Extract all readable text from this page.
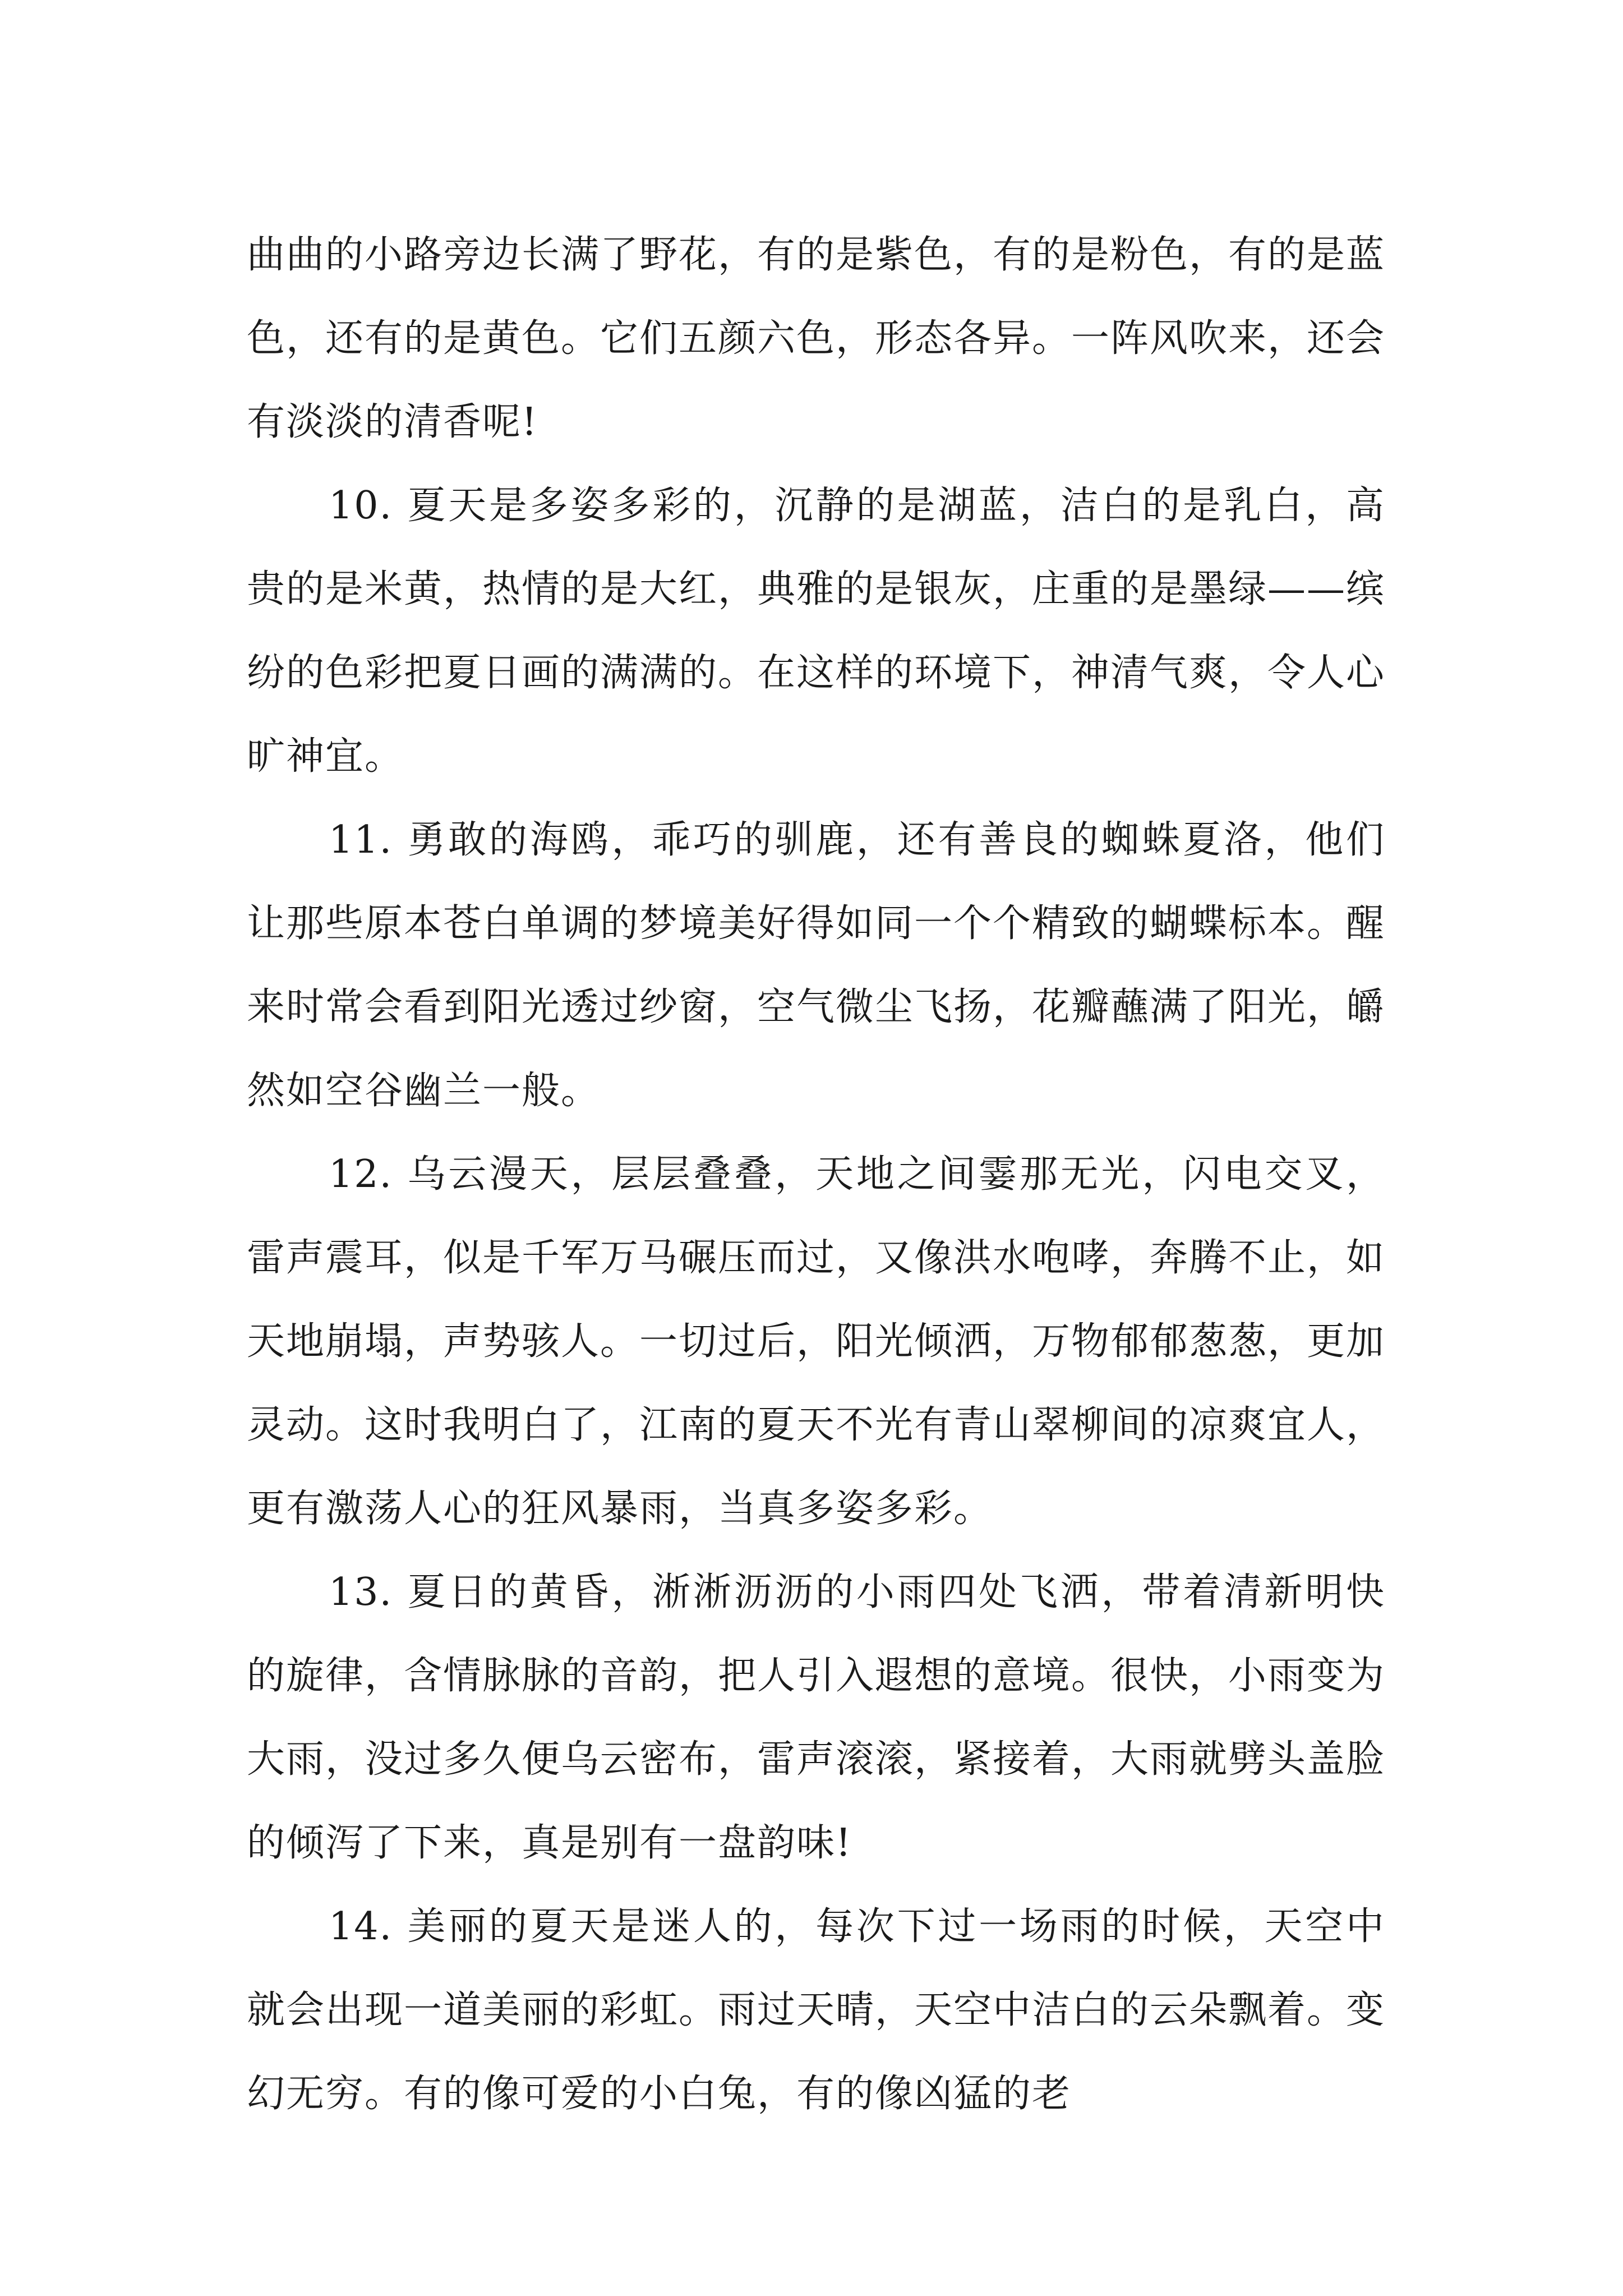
曲曲的小路旁边长满了野花，有的是紫色，有的是粉色，有的是蓝色，还有的是黄色。它们五颜六色，形态各异。一阵风吹来，还会有淡淡的清香呢!

10. 夏天是多姿多彩的，沉静的是湖蓝，洁白的是乳白，高贵的是米黄，热情的是大红，典雅的是银灰，庄重的是墨绿——缤纷的色彩把夏日画的满满的。在这样的环境下，神清气爽，令人心旷神宜。

11. 勇敢的海鸥，乖巧的驯鹿，还有善良的蜘蛛夏洛，他们让那些原本苍白单调的梦境美好得如同一个个精致的蝴蝶标本。醒来时常会看到阳光透过纱窗，空气微尘飞扬，花瓣蘸满了阳光，皭然如空谷幽兰一般。

12. 乌云漫天，层层叠叠，天地之间霎那无光，闪电交叉，雷声震耳，似是千军万马碾压而过，又像洪水咆哮，奔腾不止，如天地崩塌，声势骇人。一切过后，阳光倾洒，万物郁郁葱葱，更加灵动。这时我明白了，江南的夏天不光有青山翠柳间的凉爽宜人，更有激荡人心的狂风暴雨，当真多姿多彩。

13. 夏日的黄昏，淅淅沥沥的小雨四处飞洒，带着清新明快的旋律，含情脉脉的音韵，把人引入遐想的意境。很快，小雨变为大雨，没过多久便乌云密布，雷声滚滚，紧接着，大雨就劈头盖脸的倾泻了下来，真是别有一盘韵味!

14. 美丽的夏天是迷人的，每次下过一场雨的时候，天空中就会出现一道美丽的彩虹。雨过天晴，天空中洁白的云朵飘着。变幻无穷。有的像可爱的小白兔，有的像凶猛的老
